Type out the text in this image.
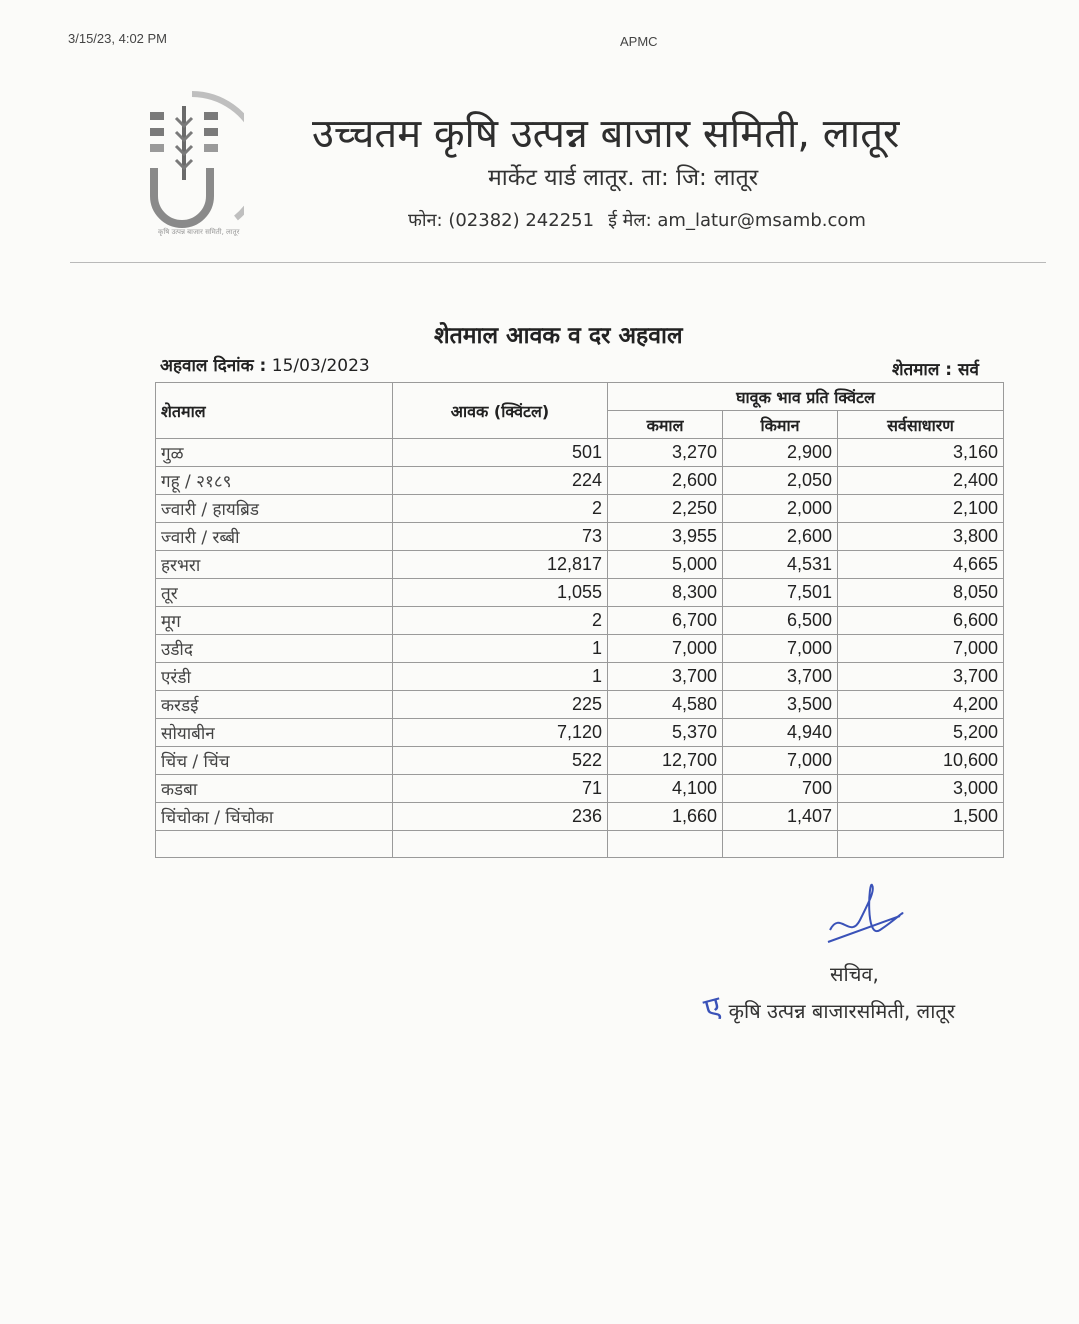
3/15/23, 4:02 PM	APMC
कृषि उत्पन्न बाजार समिती, लातूर
उच्चतम कृषि उत्पन्न बाजार समिती, लातूर
मार्केट यार्ड लातूर. ता: जि: लातूर
फोन: (02382) 242251 ई मेल: am_latur@msamb.com
शेतमाल आवक व दर अहवाल
अहवाल दिनांक : 15/03/2023	शेतमाल : सर्व
शेतमाल	आवक (क्विंटल)	घावूक भाव प्रति क्विंटल		
		कमाल	किमान	सर्वसाधारण
गुळ	501	3,270	2,900	3,160
गहू / २१८९	224	2,600	2,050	2,400
ज्वारी / हायब्रिड	2	2,250	2,000	2,100
ज्वारी / रब्बी	73	3,955	2,600	3,800
हरभरा	12,817	5,000	4,531	4,665
तूर	1,055	8,300	7,501	8,050
मूग	2	6,700	6,500	6,600
उडीद	1	7,000	7,000	7,000
एरंडी	1	3,700	3,700	3,700
करडई	225	4,580	3,500	4,200
सोयाबीन	7,120	5,370	4,940	5,200
चिंच / चिंच	522	12,700	7,000	10,600
कडबा	71	4,100	700	3,000
चिंचोका / चिंचोका	236	1,660	1,407	1,500

सचिव,
एकृषि उत्पन्न बाजारसमिती, लातूर
